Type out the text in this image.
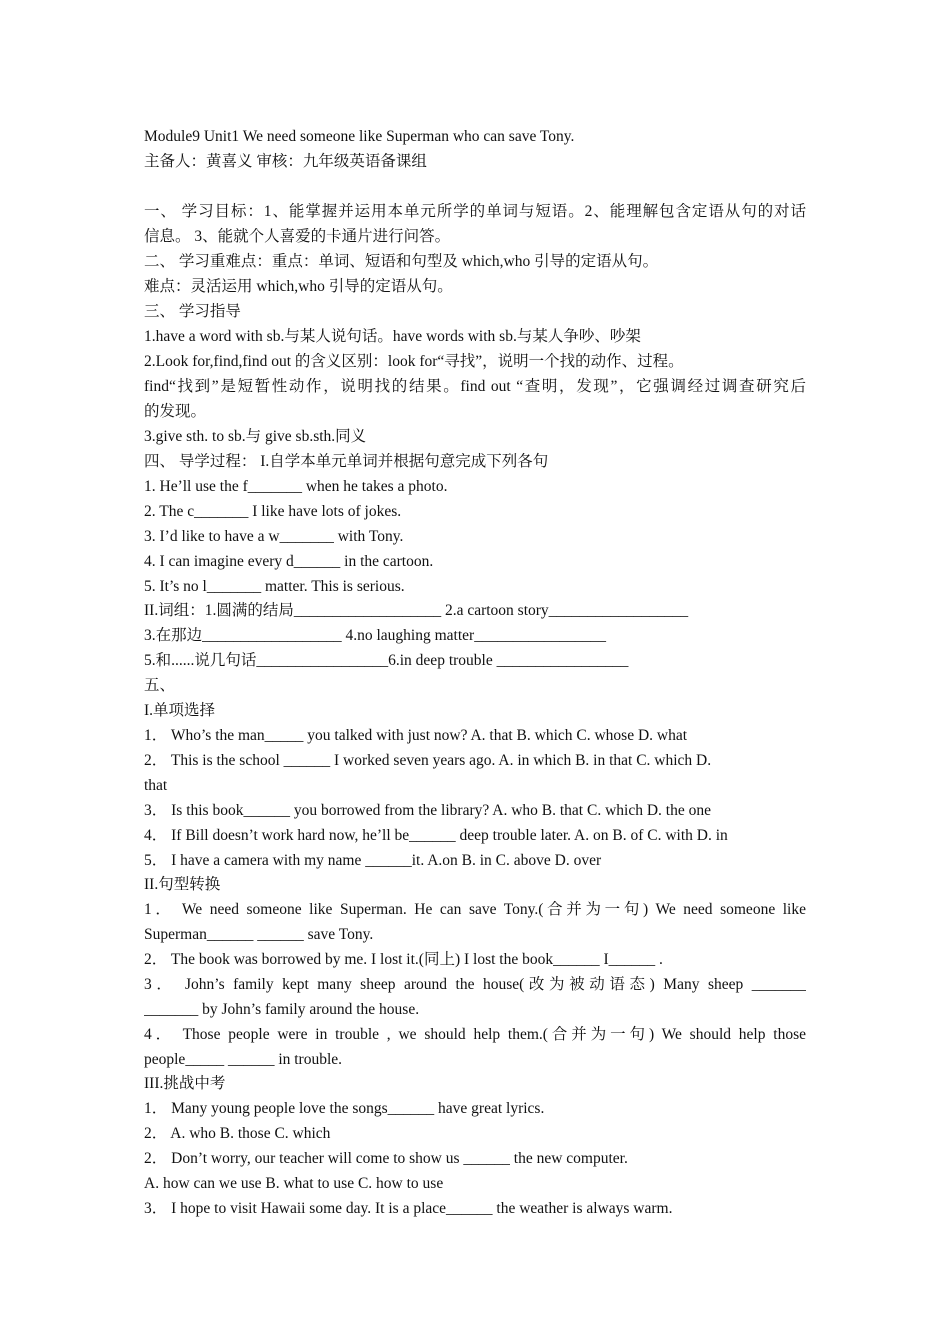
Module9 Unit1 We need someone like Superman who can save Tony.
主备人：黄喜义 审核：九年级英语备课组
一、 学习目标：1、能掌握并运用本单元所学的单词与短语。2、能理解包含定语从句的对话
信息。 3、能就个人喜爱的卡通片进行问答。
二、 学习重难点：重点：单词、短语和句型及 which,who 引导的定语从句。
难点：灵活运用 which,who 引导的定语从句。
三、 学习指导
1.have a word with sb.与某人说句话。have words with sb.与某人争吵、吵架
2.Look for,find,find out 的含义区别：look for“寻找”，说明一个找的动作、过程。
find“找到”是短暂性动作，说明找的结果。find out “查明，发现”，它强调经过调查研究后
的发现。
3.give sth. to sb.与 give sb.sth.同义
四、 导学过程： I.自学本单元单词并根据句意完成下列各句
1. He’ll use the f_______ when he takes a photo.
2. The c_______ I like have lots of jokes.
3. I’d like to have a w_______ with Tony.
4. I can imagine every d______ in the cartoon.
5. It’s no l_______ matter. This is serious.
II.词组：1.圆满的结局___________________ 2.a cartoon story__________________
3.在那边__________________ 4.no laughing matter_________________
5.和......说几句话_________________6.in deep trouble _________________
五、
I.单项选择
1． Who’s the man_____ you talked with just now? A. that B. which C. whose D. what
2． This is the school ______ I worked seven years ago. A. in which B. in that C. which D.
that
3． Is this book______ you borrowed from the library? A. who B. that C. which D. the one
4． If Bill doesn’t work hard now, he’ll be______ deep trouble later. A. on B. of C. with D. in
5． I have a camera with my name ______it. A.on B. in C. above D. over
II.句型转换
1． We need someone like Superman. He can save Tony.(合并为一句) We need someone like
Superman______ ______ save Tony.
2． The book was borrowed by me. I lost it.(同上) I lost the book______ I______ .
3． John’s family kept many sheep around the house(改为被动语态) Many sheep _______
_______ by John’s family around the house.
4． Those people were in trouble , we should help them.(合并为一句) We should help those
people_____ ______ in trouble.
III.挑战中考
1． Many young people love the songs______ have great lyrics.
2． A. who B. those C. which
2． Don’t worry, our teacher will come to show us ______ the new computer.
A. how can we use B. what to use C. how to use
3． I hope to visit Hawaii some day. It is a place______ the weather is always warm.
